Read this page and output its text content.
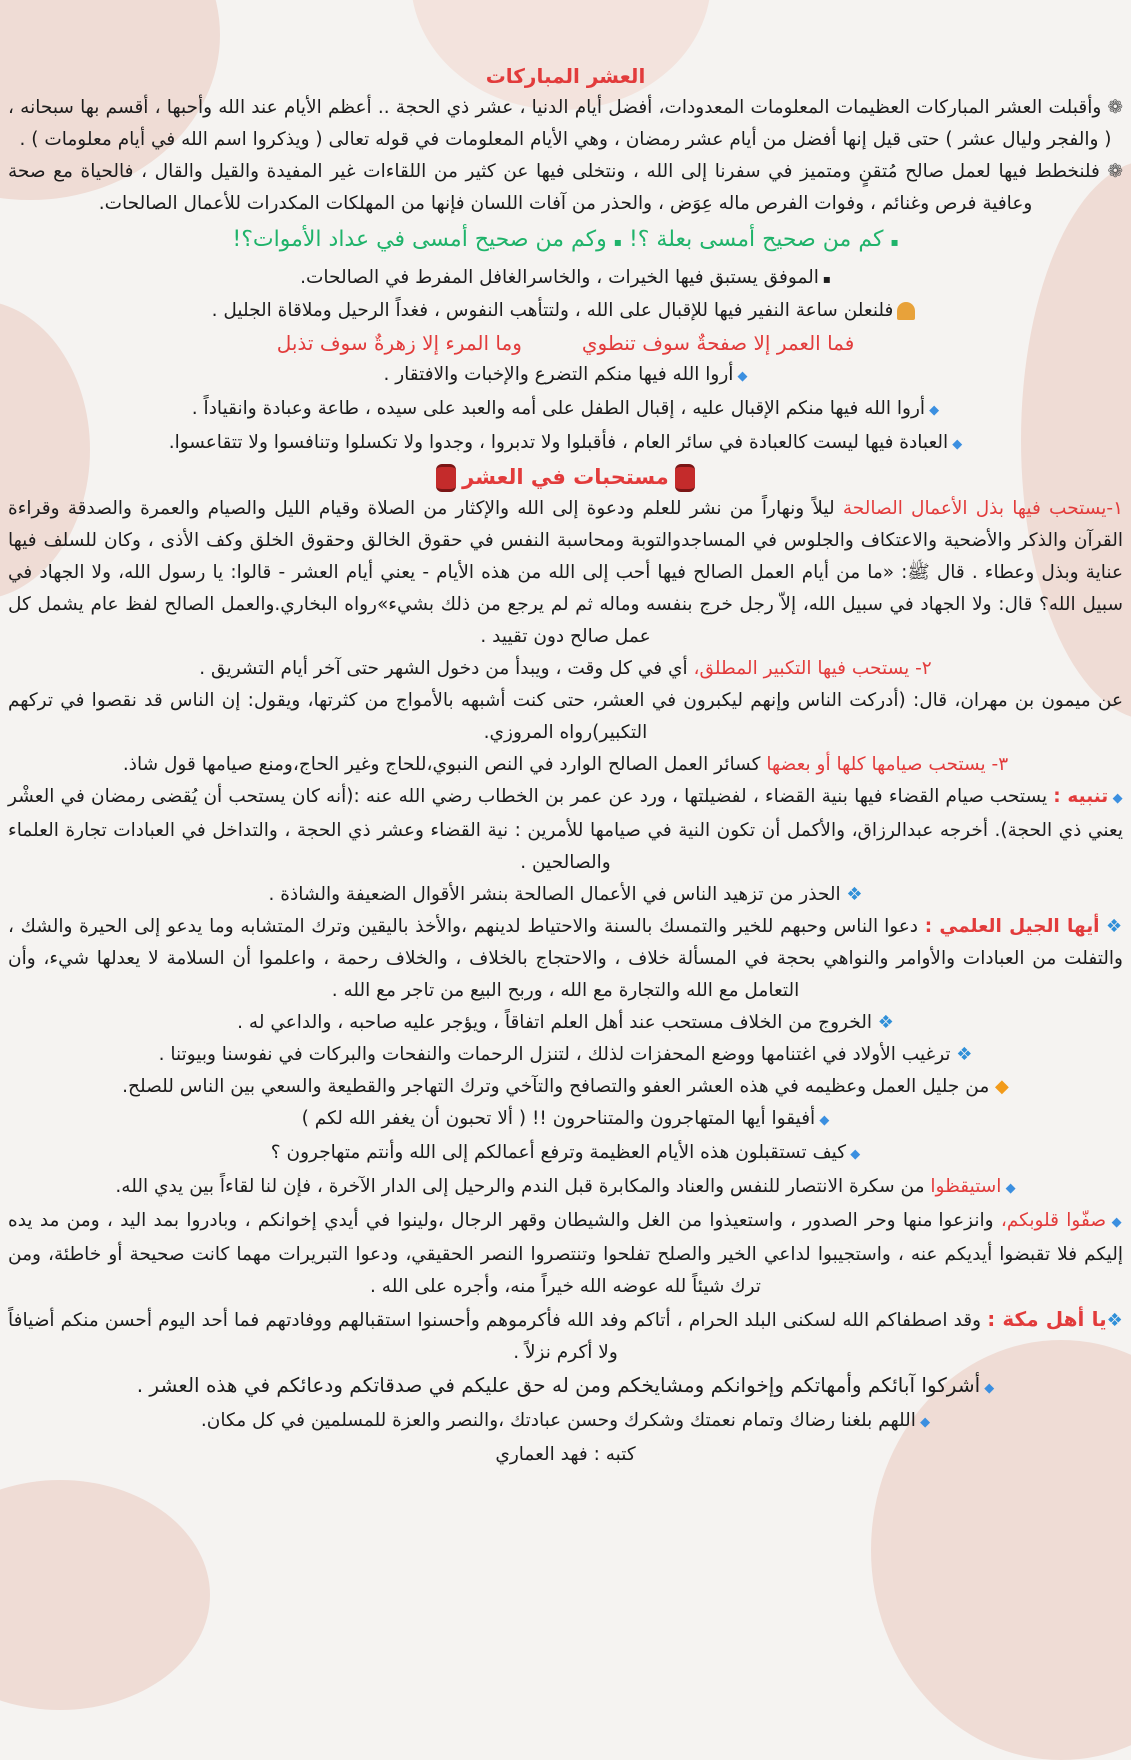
العشر المباركات

❁ وأقبلت العشر المباركات العظيمات المعلومات المعدودات، أفضل أيام الدنيا ، عشر ذي الحجة .. أعظم الأيام عند الله وأحبها ، أقسم بها سبحانه ، ( والفجر وليال عشر ) حتى قيل إنها أفضل من أيام عشر رمضان ، وهي الأيام المعلومات في قوله تعالى ( ويذكروا اسم الله في أيام معلومات ) .

❁ فلنخطط فيها لعمل صالح مُتقنٍ ومتميز في سفرنا إلى الله ، ونتخلى فيها عن كثير من اللقاءات غير المفيدة والقيل والقال ، فالحياة مع صحة وعافية فرص وغنائم ، وفوات الفرص ماله عِوَض ، والحذر من آفات اللسان فإنها من المهلكات المكدرات للأعمال الصالحات.

▪ كم من صحيح أمسى بعلة ؟! ▪ وكم من صحيح أمسى في عداد الأموات؟!

▪ الموفق يستبق فيها الخيرات ، والخاسرالغافل المفرط في الصالحات.

فلنعلن ساعة النفير فيها للإقبال على الله ، ولتتأهب النفوس ، فغداً الرحيل وملاقاة الجليل .

فما العمر إلا صفحةٌ سوف تنطويوما المرء إلا زهرةٌ سوف تذبل

◆ أروا الله فيها منكم التضرع والإخبات والافتقار .

◆ أروا الله فيها منكم الإقبال عليه ، إقبال الطفل على أمه والعبد على سيده ، طاعة وعبادة وانقياداً .

◆ العبادة فيها ليست كالعبادة في سائر العام ، فأقبلوا ولا تدبروا ، وجدوا ولا تكسلوا وتنافسوا ولا تتقاعسوا.

مستحبات في العشر

١-يستحب فيها بذل الأعمال الصالحة ليلاً ونهاراً من نشر للعلم ودعوة إلى الله والإكثار من الصلاة وقيام الليل والصيام والعمرة والصدقة وقراءة القرآن والذكر والأضحية والاعتكاف والجلوس في المساجدوالتوبة ومحاسبة النفس في حقوق الخالق وحقوق الخلق وكف الأذى ، وكان للسلف فيها عناية وبذل وعطاء . قال ﷺ: «ما من أيام العمل الصالح فيها أحب إلى الله من هذه الأيام - يعني أيام العشر - قالوا: يا رسول الله، ولا الجهاد في سبيل الله؟ قال: ولا الجهاد في سبيل الله، إلاّ رجل خرج بنفسه وماله ثم لم يرجع من ذلك بشيء»رواه البخاري.والعمل الصالح لفظ عام يشمل كل عمل صالح دون تقييد .

٢- يستحب فيها التكبير المطلق، أي في كل وقت ، ويبدأ من دخول الشهر حتى آخر أيام التشريق .

عن ميمون بن مهران، قال: (أدركت الناس وإنهم ليكبرون في العشر، حتى كنت أشبهه بالأمواج من كثرتها، ويقول: إن الناس قد نقصوا في تركهم التكبير)رواه المروزي.

٣- يستحب صيامها كلها أو بعضها كسائر العمل الصالح الوارد في النص النبوي،للحاج وغير الحاج،ومنع صيامها قول شاذ.

◆ تنبيه : يستحب صيام القضاء فيها بنية القضاء ، لفضيلتها ، ورد عن عمر بن الخطاب رضي الله عنه :(أنه كان يستحب أن يُقضى رمضان في العشْر يعني ذي الحجة). أخرجه عبدالرزاق، والأكمل أن تكون النية في صيامها للأمرين : نية القضاء وعشر ذي الحجة ، والتداخل في العبادات تجارة العلماء والصالحين .

❖ الحذر من تزهيد الناس في الأعمال الصالحة بنشر الأقوال الضعيفة والشاذة .

❖ أيها الجيل العلمي : دعوا الناس وحبهم للخير والتمسك بالسنة والاحتياط لدينهم ،والأخذ باليقين وترك المتشابه وما يدعو إلى الحيرة والشك ، والتفلت من العبادات والأوامر والنواهي بحجة في المسألة خلاف ، والاحتجاج بالخلاف ، والخلاف رحمة ، واعلموا أن السلامة لا يعدلها شيء، وأن التعامل مع الله والتجارة مع الله ، وربح البيع من تاجر مع الله .

❖ الخروج من الخلاف مستحب عند أهل العلم اتفاقاً ، ويؤجر عليه صاحبه ، والداعي له .

❖ ترغيب الأولاد في اغتنامها ووضع المحفزات لذلك ، لتنزل الرحمات والنفحات والبركات في نفوسنا وبيوتنا .

◆ من جليل العمل وعظيمه في هذه العشر العفو والتصافح والتآخي وترك التهاجر والقطيعة والسعي بين الناس للصلح.

◆ أفيقوا أيها المتهاجرون والمتناحرون !! ( ألا تحبون أن يغفر الله لكم )

◆ كيف تستقبلون هذه الأيام العظيمة وترفع أعمالكم إلى الله وأنتم متهاجرون ؟

◆ استيقظوا من سكرة الانتصار للنفس والعناد والمكابرة قبل الندم والرحيل إلى الدار الآخرة ، فإن لنا لقاءاً بين يدي الله.

◆ صفّوا قلوبكم، وانزعوا منها وحر الصدور ، واستعيذوا من الغل والشيطان وقهر الرجال ،ولينوا في أيدي إخوانكم ، وبادروا بمد اليد ، ومن مد يده إليكم فلا تقبضوا أيديكم عنه ، واستجيبوا لداعي الخير والصلح تفلحوا وتنتصروا النصر الحقيقي، ودعوا التبريرات مهما كانت صحيحة أو خاطئة، ومن ترك شيئاً لله عوضه الله خيراً منه، وأجره على الله .

❖يا أهل مكة : وقد اصطفاكم الله لسكنى البلد الحرام ، أتاكم وفد الله فأكرموهم وأحسنوا استقبالهم ووفادتهم فما أحد اليوم أحسن منكم أضيافاً ولا أكرم نزلاً .

◆ أشركوا آبائكم وأمهاتكم وإخوانكم ومشايخكم ومن له حق عليكم في صدقاتكم ودعائكم في هذه العشر .

◆ اللهم بلغنا رضاك وتمام نعمتك وشكرك وحسن عبادتك ،والنصر والعزة للمسلمين في كل مكان.

كتبه : فهد العماري
